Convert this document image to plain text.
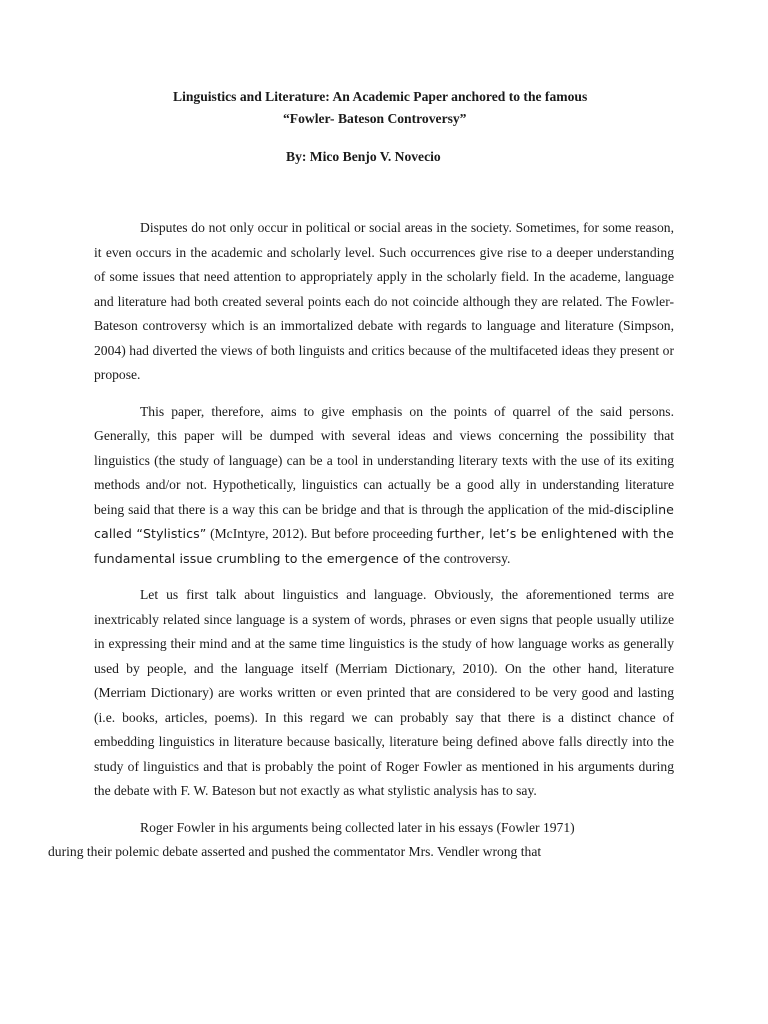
Linguistics and Literature: An Academic Paper anchored to the famous
“Fowler- Bateson Controversy”
By: Mico Benjo V. Novecio

Disputes do not only occur in political or social areas in the society. Sometimes, for some reason, it even occurs in the academic and scholarly level. Such occurrences give rise to a deeper understanding of some issues that need attention to appropriately apply in the scholarly field. In the academe, language and literature had both created several points each do not coincide although they are related. The Fowler- Bateson controversy which is an immortalized debate with regards to language and literature (Simpson, 2004) had diverted the views of both linguists and critics because of the multifaceted ideas they present or propose.

This paper, therefore, aims to give emphasis on the points of quarrel of the said persons. Generally, this paper will be dumped with several ideas and views concerning the possibility that linguistics (the study of language) can be a tool in understanding literary texts with the use of its exiting methods and/or not. Hypothetically, linguistics can actually be a good ally in understanding literature being said that there is a way this can be bridge and that is through the application of the mid-discipline called “Stylistics” (McIntyre, 2012). But before proceeding further, let’s be enlightened with the fundamental issue crumbling to the emergence of the controversy.

Let us first talk about linguistics and language. Obviously, the aforementioned terms are inextricably related since language is a system of words, phrases or even signs that people usually utilize in expressing their mind and at the same time linguistics is the study of how language works as generally used by people, and the language itself (Merriam Dictionary, 2010). On the other hand, literature (Merriam Dictionary) are works written or even printed that are considered to be very good and lasting (i.e. books, articles, poems). In this regard we can probably say that there is a distinct chance of embedding linguistics in literature because basically, literature being defined above falls directly into the study of linguistics and that is probably the point of Roger Fowler as mentioned in his arguments during the debate with F. W. Bateson but not exactly as what stylistic analysis has to say.

Roger Fowler in his arguments being collected later in his essays (Fowler 1971)
during their polemic debate asserted and pushed the commentator Mrs. Vendler wrong that
